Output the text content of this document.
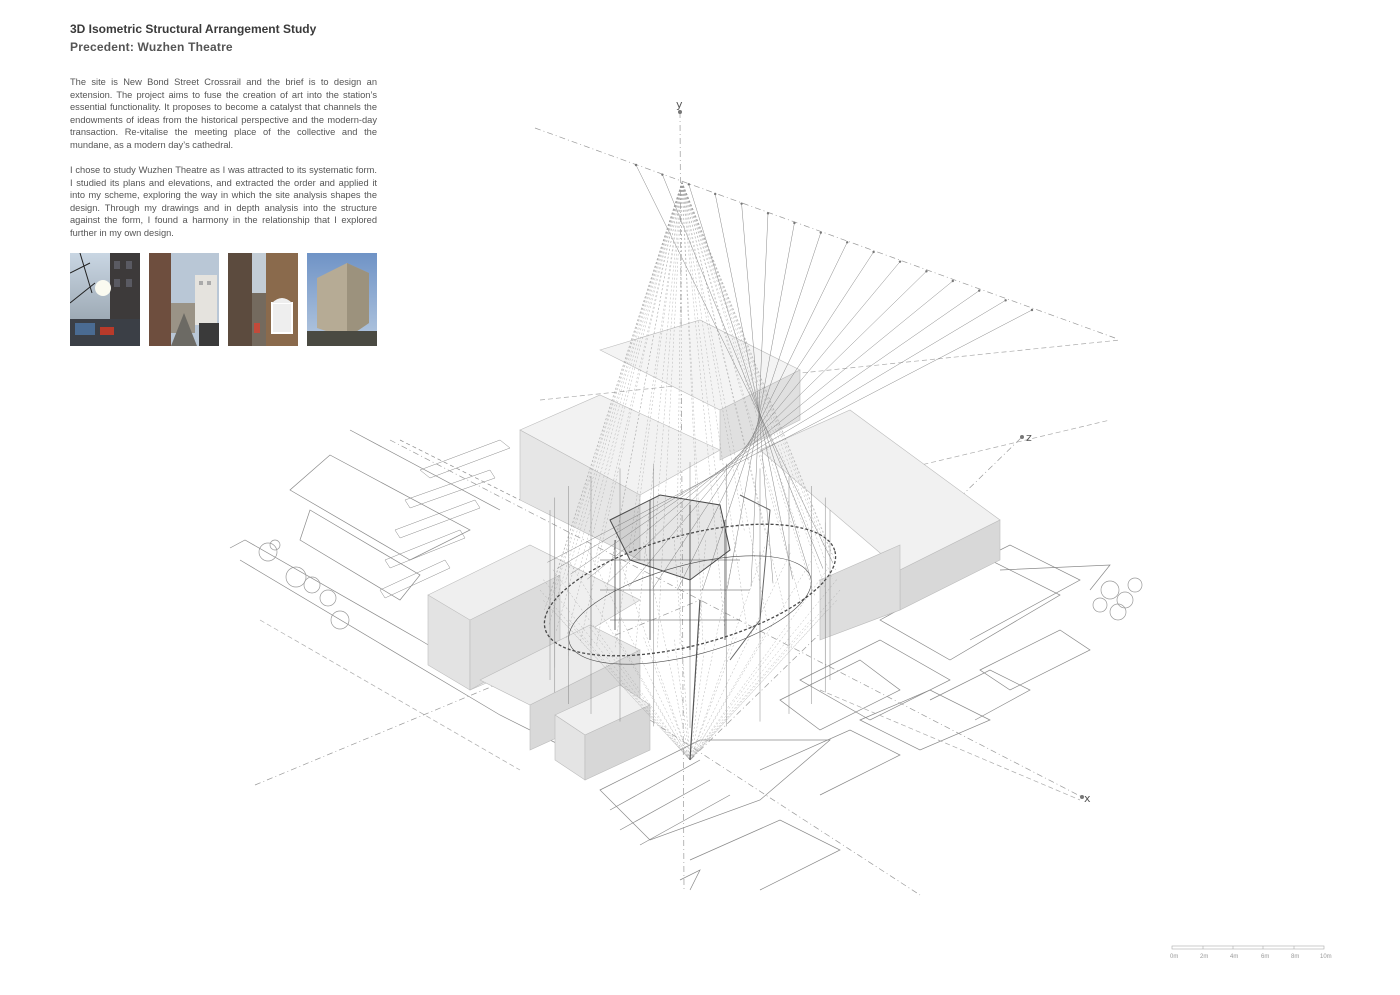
y
z
x
3D Isometric Structural Arrangement Study
Precedent: Wuzhen Theatre

The site is New Bond Street Crossrail and the brief is to design an extension. The project aims to fuse the creation of art into the station’s essential functionality. It proposes to become a catalyst that channels the endowments of ideas from the historical perspective and the modern-day transaction. Re-vitalise the meeting place of the collective and the mundane, as a modern day’s cathedral.

I chose to study Wuzhen Theatre as I was attracted to its systematic form. I studied its plans and elevations, and extracted the order and applied it into my scheme, exploring the way in which the site analysis shapes the design. Through my drawings and in depth analysis into the structure against the form, I found a harmony in the relationship that I explored further in my own design.

0m	2m	4m	6m	8m	10m
